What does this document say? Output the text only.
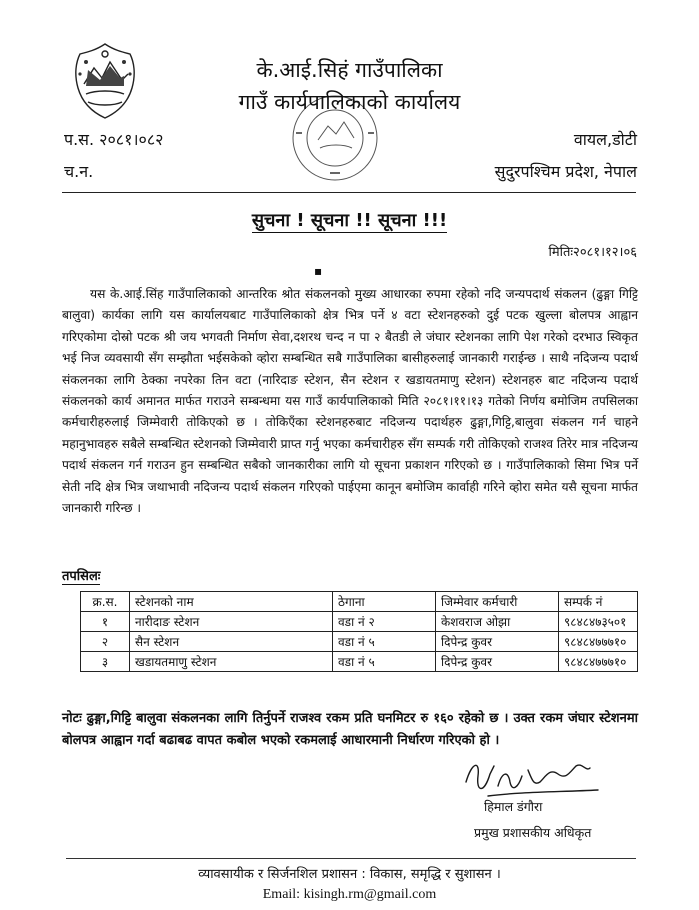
के.आई.सिहं गाउँपालिका
गाउँ कार्यपालिकाको कार्यालय
प.स. २०८१।०८२
च.न.
वायल,डोटी
सुदुरपश्चिम प्रदेश, नेपाल
सुचना ! सूचना !! सूचना !!!
मितिः२०८१।१२।०६
▪
यस के.आई.सिंह गाउँपालिकाको आन्तरिक श्रोत संकलनको मुख्य आधारका रुपमा रहेको नदि जन्यपदार्थ संकलन (ढुङ्गा गिट्टि बालुवा) कार्यका लागि यस कार्यालयबाट गाउँपालिकाको क्षेत्र भित्र पर्ने ४ वटा स्टेशनहरुको दुई पटक खुल्ला बोलपत्र आह्वान गरिएकोमा दोस्रो पटक श्री जय भगवती निर्माण सेवा,दशरथ चन्द न पा २ बैतडी ले जंघार स्टेशनका लागि पेश गरेको दरभाउ स्विकृत भई निज व्यवसायी सँग सम्झौता भईसकेको व्होरा सम्बन्धित सबै गाउँपालिका बासीहरुलाई जानकारी गराईन्छ । साथै नदिजन्य पदार्थ संकलनका लागि ठेक्का नपरेका तिन वटा (नारिदाङ स्टेशन, सैन स्टेशन र खडायतमाणु स्टेशन) स्टेशनहरु बाट नदिजन्य पदार्थ संकलनको कार्य अमानत मार्फत गराउने सम्बन्धमा यस गाउँ कार्यपालिकाको मिति २०८१।११।१३ गतेको निर्णय बमोजिम तपसिलका कर्मचारीहरुलाई जिम्मेवारी तोकिएको छ । तोकिएँका स्टेशनहरुबाट नदिजन्य पदार्थहरु ढुङ्गा,गिट्टि,बालुवा संकलन गर्न चाहने महानुभावहरु सबैले सम्बन्धित स्टेशनको जिम्मेवारी प्राप्त गर्नु भएका कर्मचारीहरु सँग सम्पर्क गरी तोकिएको राजश्व तिरेर मात्र नदिजन्य पदार्थ संकलन गर्न गराउन हुन सम्बन्धित सबैको जानकारीका लागि यो सूचना प्रकाशन गरिएको छ । गाउँपालिकाको सिमा भित्र पर्ने सेती नदि क्षेत्र भित्र जथाभावी नदिजन्य पदार्थ संकलन गरिएको पाईएमा कानून बमोजिम कार्वाही गरिने व्होरा समेत यसै सूचना मार्फत जानकारी गरिन्छ ।
तपसिलः
क्र.स.	स्टेशनको नाम	ठेगाना	जिम्मेवार कर्मचारी	सम्पर्क नं
१	नारीदाङ स्टेशन	वडा नं २	केशवराज ओझा	९८४८४७३५०१
२	सैन स्टेशन	वडा नं ५	दिपेन्द्र कुवर	९८४८४७७७१०
३	खडायतमाणु स्टेशन	वडा नं ५	दिपेन्द्र कुवर	९८४८४७७७१०
नोटः ढुङ्गा,गिट्टि बालुवा संकलनका लागि तिर्नुपर्ने राजश्व रकम प्रति घनमिटर रु १६० रहेको छ । उक्त रकम जंघार स्टेशनमा बोलपत्र आह्वान गर्दा बढाबढ वापत कबोल भएको रकमलाई आधारमानी निर्धारण गरिएको हो ।
हिमाल डंगौरा
प्रमुख प्रशासकीय अधिकृत
व्यावसायीक र सिर्जनशिल प्रशासन : विकास, समृद्धि र सुशासन ।
Email: kisingh.rm@gmail.com
